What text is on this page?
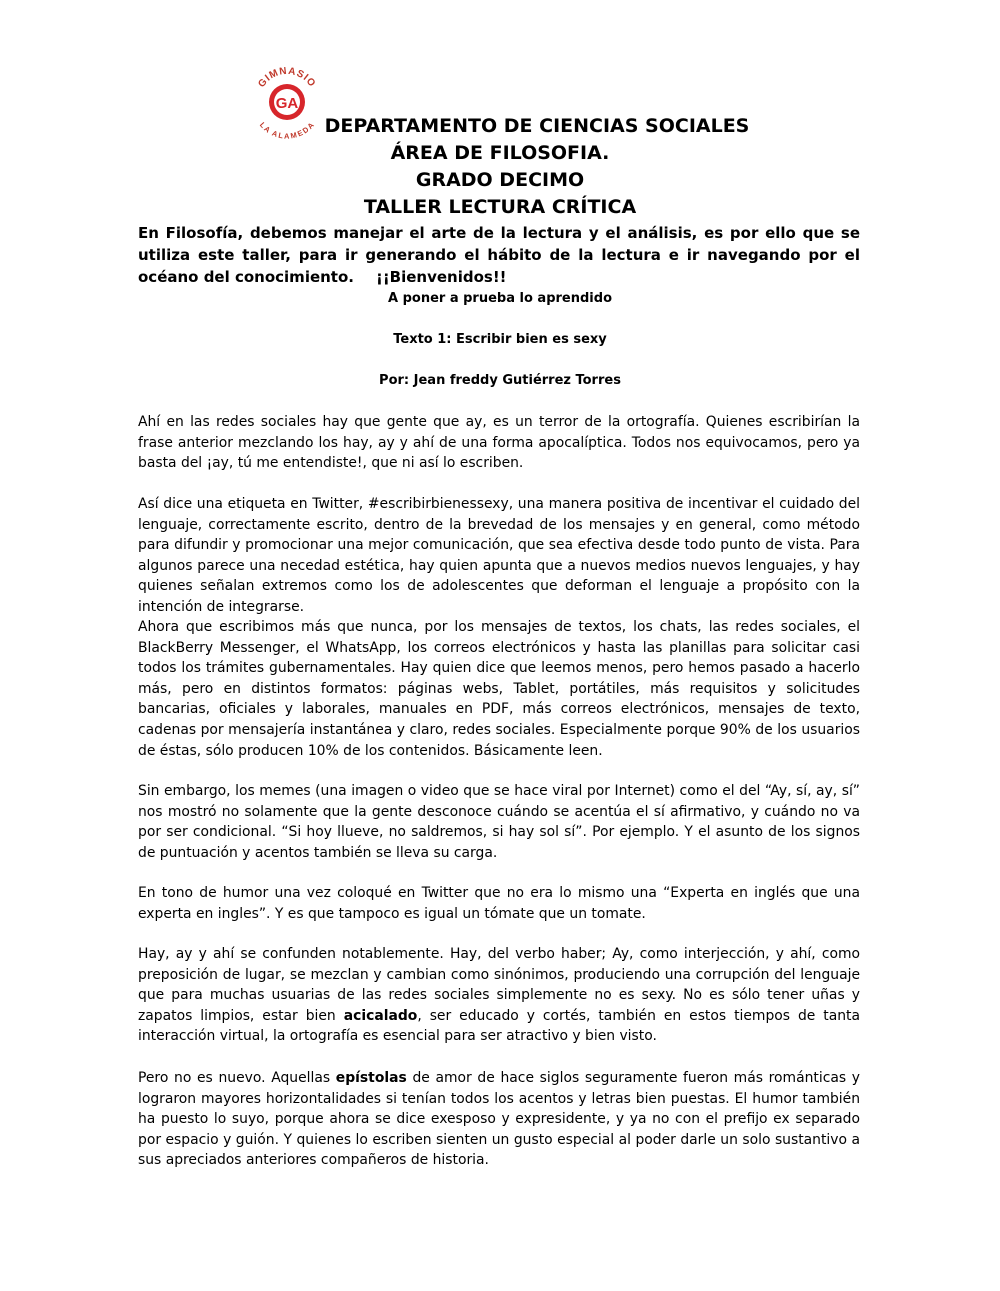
GIMNASIO
LA ALAMEDA
GA

DEPARTAMENTO DE CIENCIAS SOCIALES

ÁREA DE FILOSOFIA.

GRADO DECIMO

TALLER LECTURA CRÍTICA

En Filosofía, debemos manejar el arte de la lectura y el análisis, es por ello que se utiliza este taller, para ir generando el hábito de la lectura e ir navegando por el océano del conocimiento. ¡¡Bienvenidos!!

A poner a prueba lo aprendido

Texto 1: Escribir bien es sexy

Por: Jean freddy Gutiérrez Torres

Ahí en las redes sociales hay que gente que ay, es un terror de la ortografía. Quienes escribirían la frase anterior mezclando los hay, ay y ahí de una forma apocalíptica. Todos nos equivocamos, pero ya basta del ¡ay, tú me entendiste!, que ni así lo escriben.

Así dice una etiqueta en Twitter, #escribirbienessexy, una manera positiva de incentivar el cuidado del lenguaje, correctamente escrito, dentro de la brevedad de los mensajes y en general, como método para difundir y promocionar una mejor comunicación, que sea efectiva desde todo punto de vista. Para algunos parece una necedad estética, hay quien apunta que a nuevos medios nuevos lenguajes, y hay quienes señalan extremos como los de adolescentes que deforman el lenguaje a propósito con la intención de integrarse.

Ahora que escribimos más que nunca, por los mensajes de textos, los chats, las redes sociales, el BlackBerry Messenger, el WhatsApp, los correos electrónicos y hasta las planillas para solicitar casi todos los trámites gubernamentales. Hay quien dice que leemos menos, pero hemos pasado a hacerlo más, pero en distintos formatos: páginas webs, Tablet, portátiles, más requisitos y solicitudes bancarias, oficiales y laborales, manuales en PDF, más correos electrónicos, mensajes de texto, cadenas por mensajería instantánea y claro, redes sociales. Especialmente porque 90% de los usuarios de éstas, sólo producen 10% de los contenidos. Básicamente leen.

Sin embargo, los memes (una imagen o video que se hace viral por Internet) como el del “Ay, sí, ay, sí” nos mostró no solamente que la gente desconoce cuándo se acentúa el sí afirmativo, y cuándo no va por ser condicional. “Si hoy llueve, no saldremos, si hay sol sí”. Por ejemplo. Y el asunto de los signos de puntuación y acentos también se lleva su carga.

En tono de humor una vez coloqué en Twitter que no era lo mismo una “Experta en inglés que una experta en ingles”. Y es que tampoco es igual un tómate que un tomate.

Hay, ay y ahí se confunden notablemente. Hay, del verbo haber; Ay, como interjección, y ahí, como preposición de lugar, se mezclan y cambian como sinónimos, produciendo una corrupción del lenguaje que para muchas usuarias de las redes sociales simplemente no es sexy. No es sólo tener uñas y zapatos limpios, estar bien acicalado, ser educado y cortés, también en estos tiempos de tanta interacción virtual, la ortografía es esencial para ser atractivo y bien visto.

Pero no es nuevo. Aquellas epístolas de amor de hace siglos seguramente fueron más románticas y lograron mayores horizontalidades si tenían todos los acentos y letras bien puestas. El humor también ha puesto lo suyo, porque ahora se dice exesposo y expresidente, y ya no con el prefijo ex separado por espacio y guión. Y quienes lo escriben sienten un gusto especial al poder darle un solo sustantivo a sus apreciados anteriores compañeros de historia.
